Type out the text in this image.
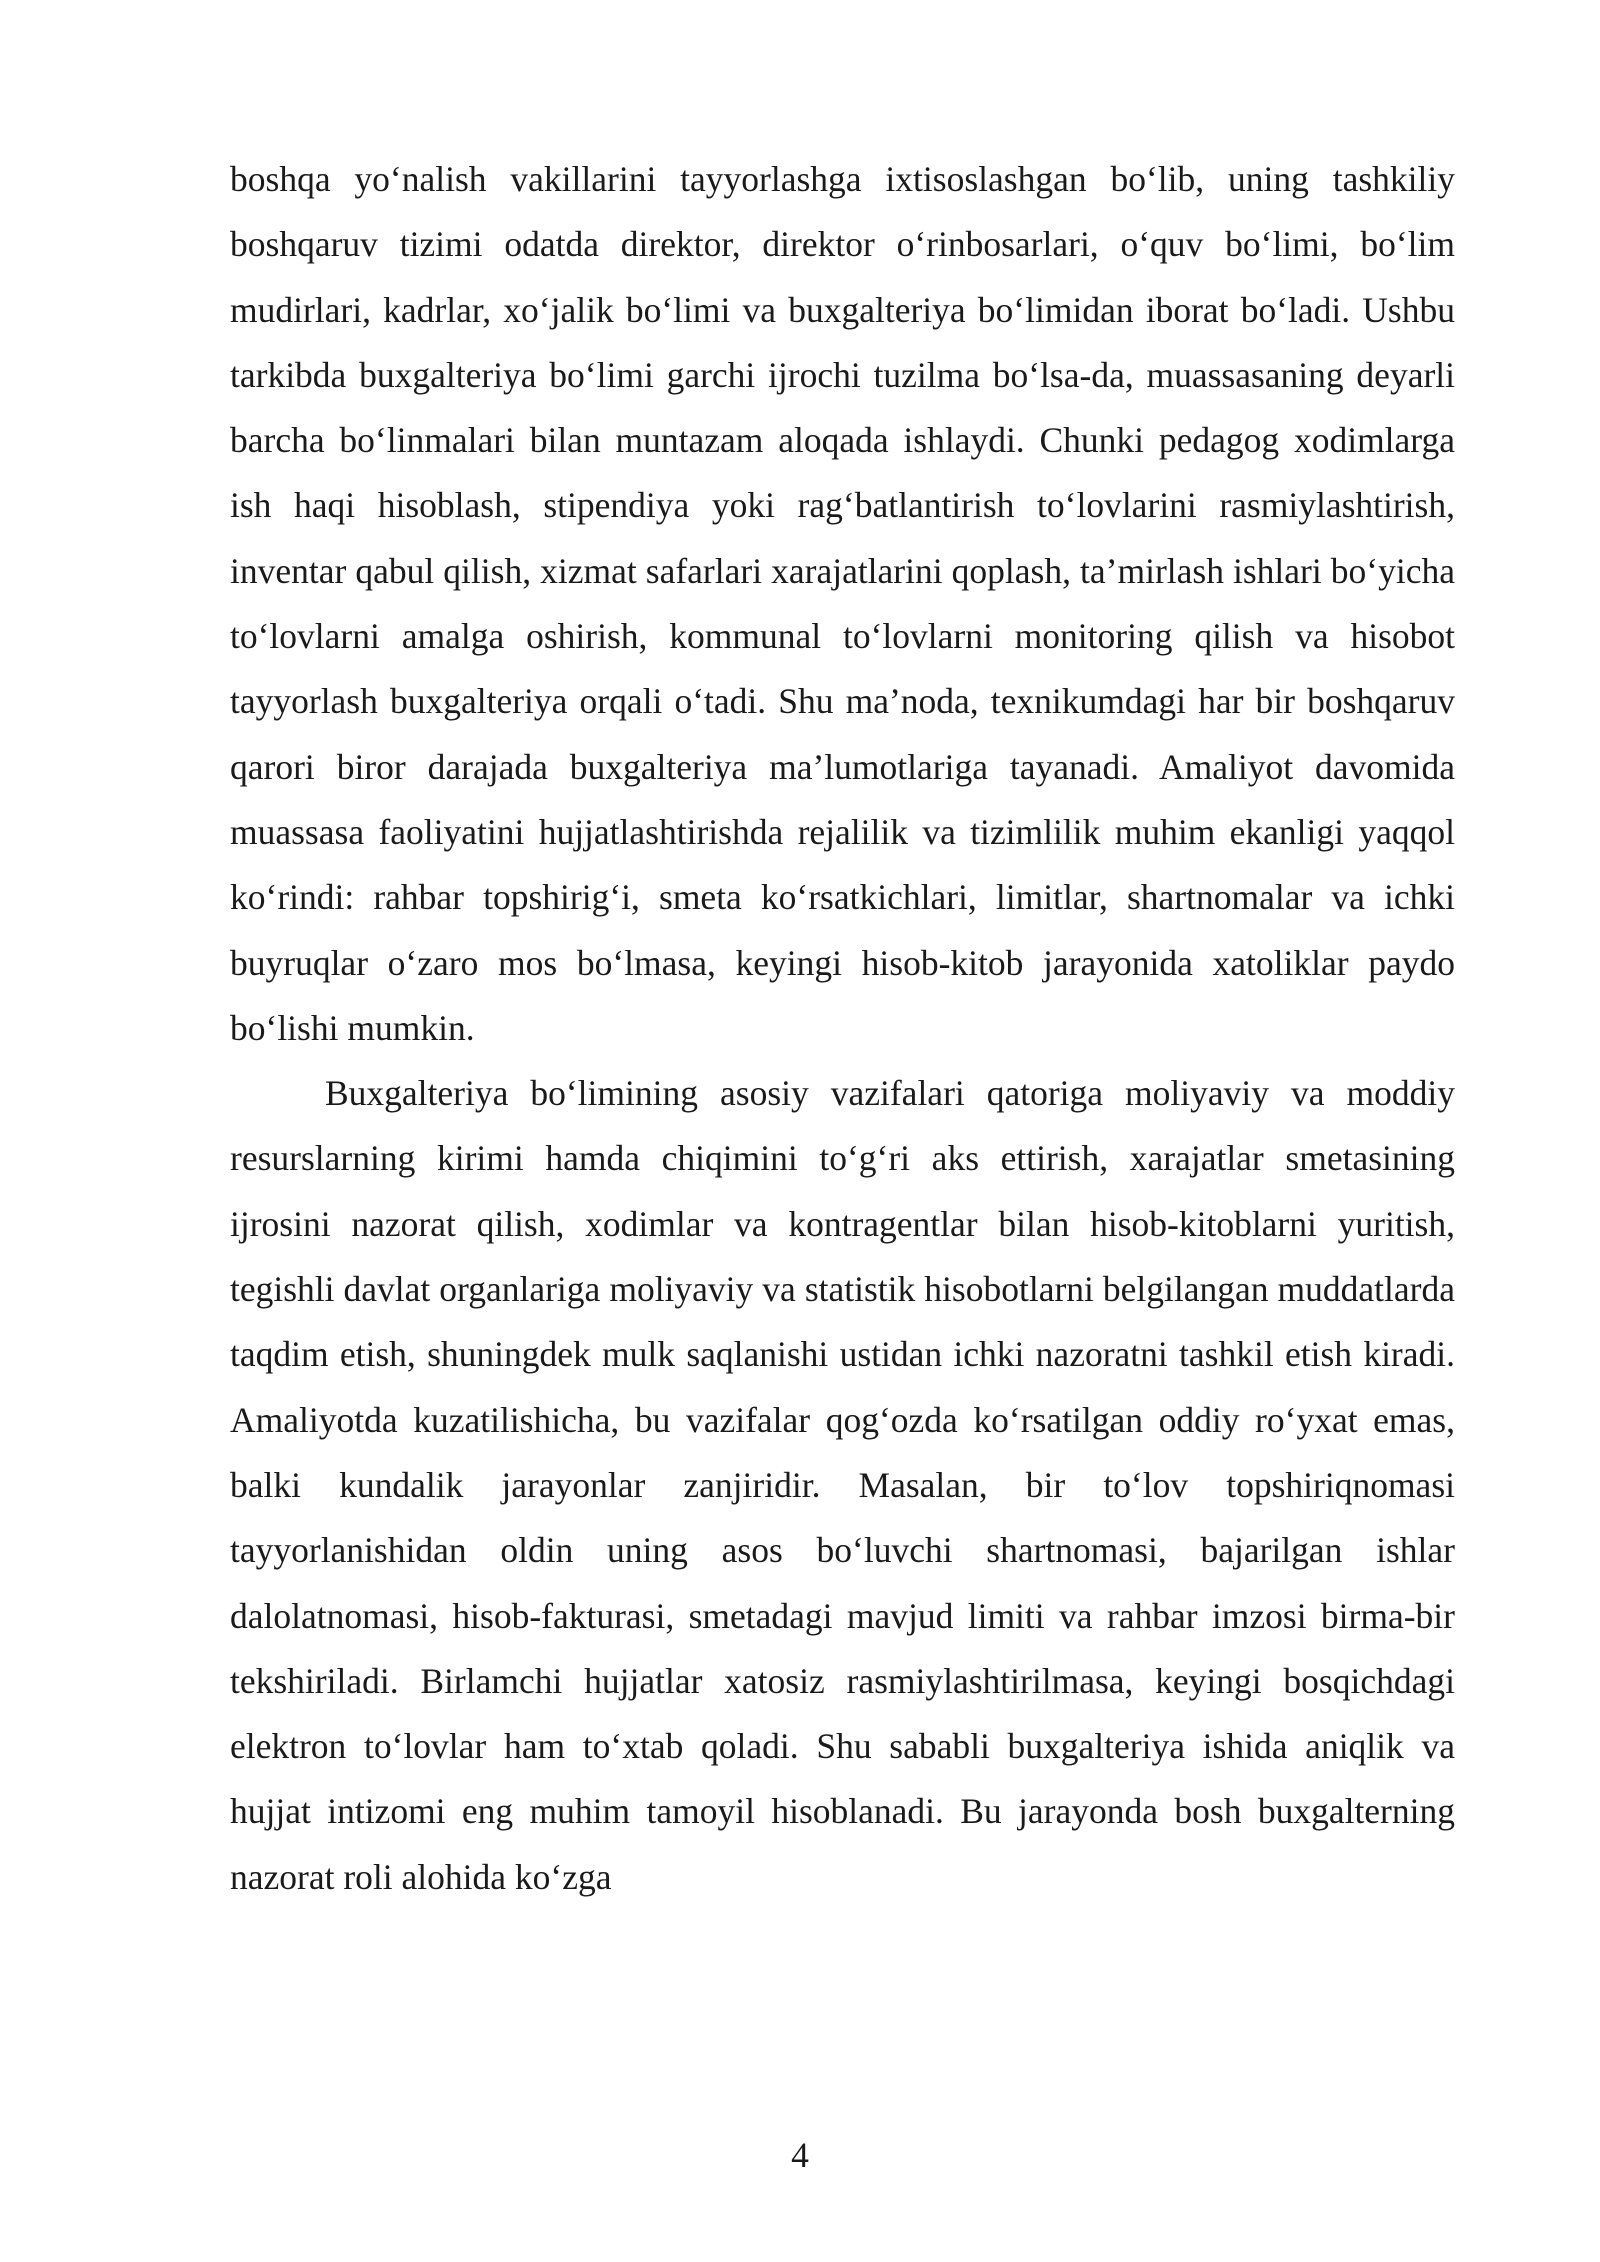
boshqa yo‘nalish vakillarini tayyorlashga ixtisoslashgan bo‘lib, uning tashkiliy boshqaruv tizimi odatda direktor, direktor o‘rinbosarlari, o‘quv bo‘limi, bo‘lim mudirlari, kadrlar, xo‘jalik bo‘limi va buxgalteriya bo‘limidan iborat bo‘ladi. Ushbu tarkibda buxgalteriya bo‘limi garchi ijrochi tuzilma bo‘lsa-da, muassasaning deyarli barcha bo‘linmalari bilan muntazam aloqada ishlaydi. Chunki pedagog xodimlarga ish haqi hisoblash, stipendiya yoki rag‘batlantirish to‘lovlarini rasmiylashtirish, inventar qabul qilish, xizmat safarlari xarajatlarini qoplash, ta’mirlash ishlari bo‘yicha to‘lovlarni amalga oshirish, kommunal to‘lovlarni monitoring qilish va hisobot tayyorlash buxgalteriya orqali o‘tadi. Shu ma’noda, texnikumdagi har bir boshqaruv qarori biror darajada buxgalteriya ma’lumotlariga tayanadi. Amaliyot davomida muassasa faoliyatini hujjatlashtirishda rejalilik va tizimlilik muhim ekanligi yaqqol ko‘rindi: rahbar topshirig‘i, smeta ko‘rsatkichlari, limitlar, shartnomalar va ichki buyruqlar o‘zaro mos bo‘lmasa, keyingi hisob-kitob jarayonida xatoliklar paydo bo‘lishi mumkin.

Buxgalteriya bo‘limining asosiy vazifalari qatoriga moliyaviy va moddiy resurslarning kirimi hamda chiqimini to‘g‘ri aks ettirish, xarajatlar smetasining ijrosini nazorat qilish, xodimlar va kontragentlar bilan hisob-kitoblarni yuritish, tegishli davlat organlariga moliyaviy va statistik hisobotlarni belgilangan muddatlarda taqdim etish, shuningdek mulk saqlanishi ustidan ichki nazoratni tashkil etish kiradi. Amaliyotda kuzatilishicha, bu vazifalar qog‘ozda ko‘rsatilgan oddiy ro‘yxat emas, balki kundalik jarayonlar zanjiridir. Masalan, bir to‘lov topshiriqnomasi tayyorlanishidan oldin uning asos bo‘luvchi shartnomasi, bajarilgan ishlar dalolatnomasi, hisob-fakturasi, smetadagi mavjud limiti va rahbar imzosi birma-bir tekshiriladi. Birlamchi hujjatlar xatosiz rasmiylashtirilmasa, keyingi bosqichdagi elektron to‘lovlar ham to‘xtab qoladi. Shu sababli buxgalteriya ishida aniqlik va hujjat intizomi eng muhim tamoyil hisoblanadi. Bu jarayonda bosh buxgalterning nazorat roli alohida ko‘zga

4
